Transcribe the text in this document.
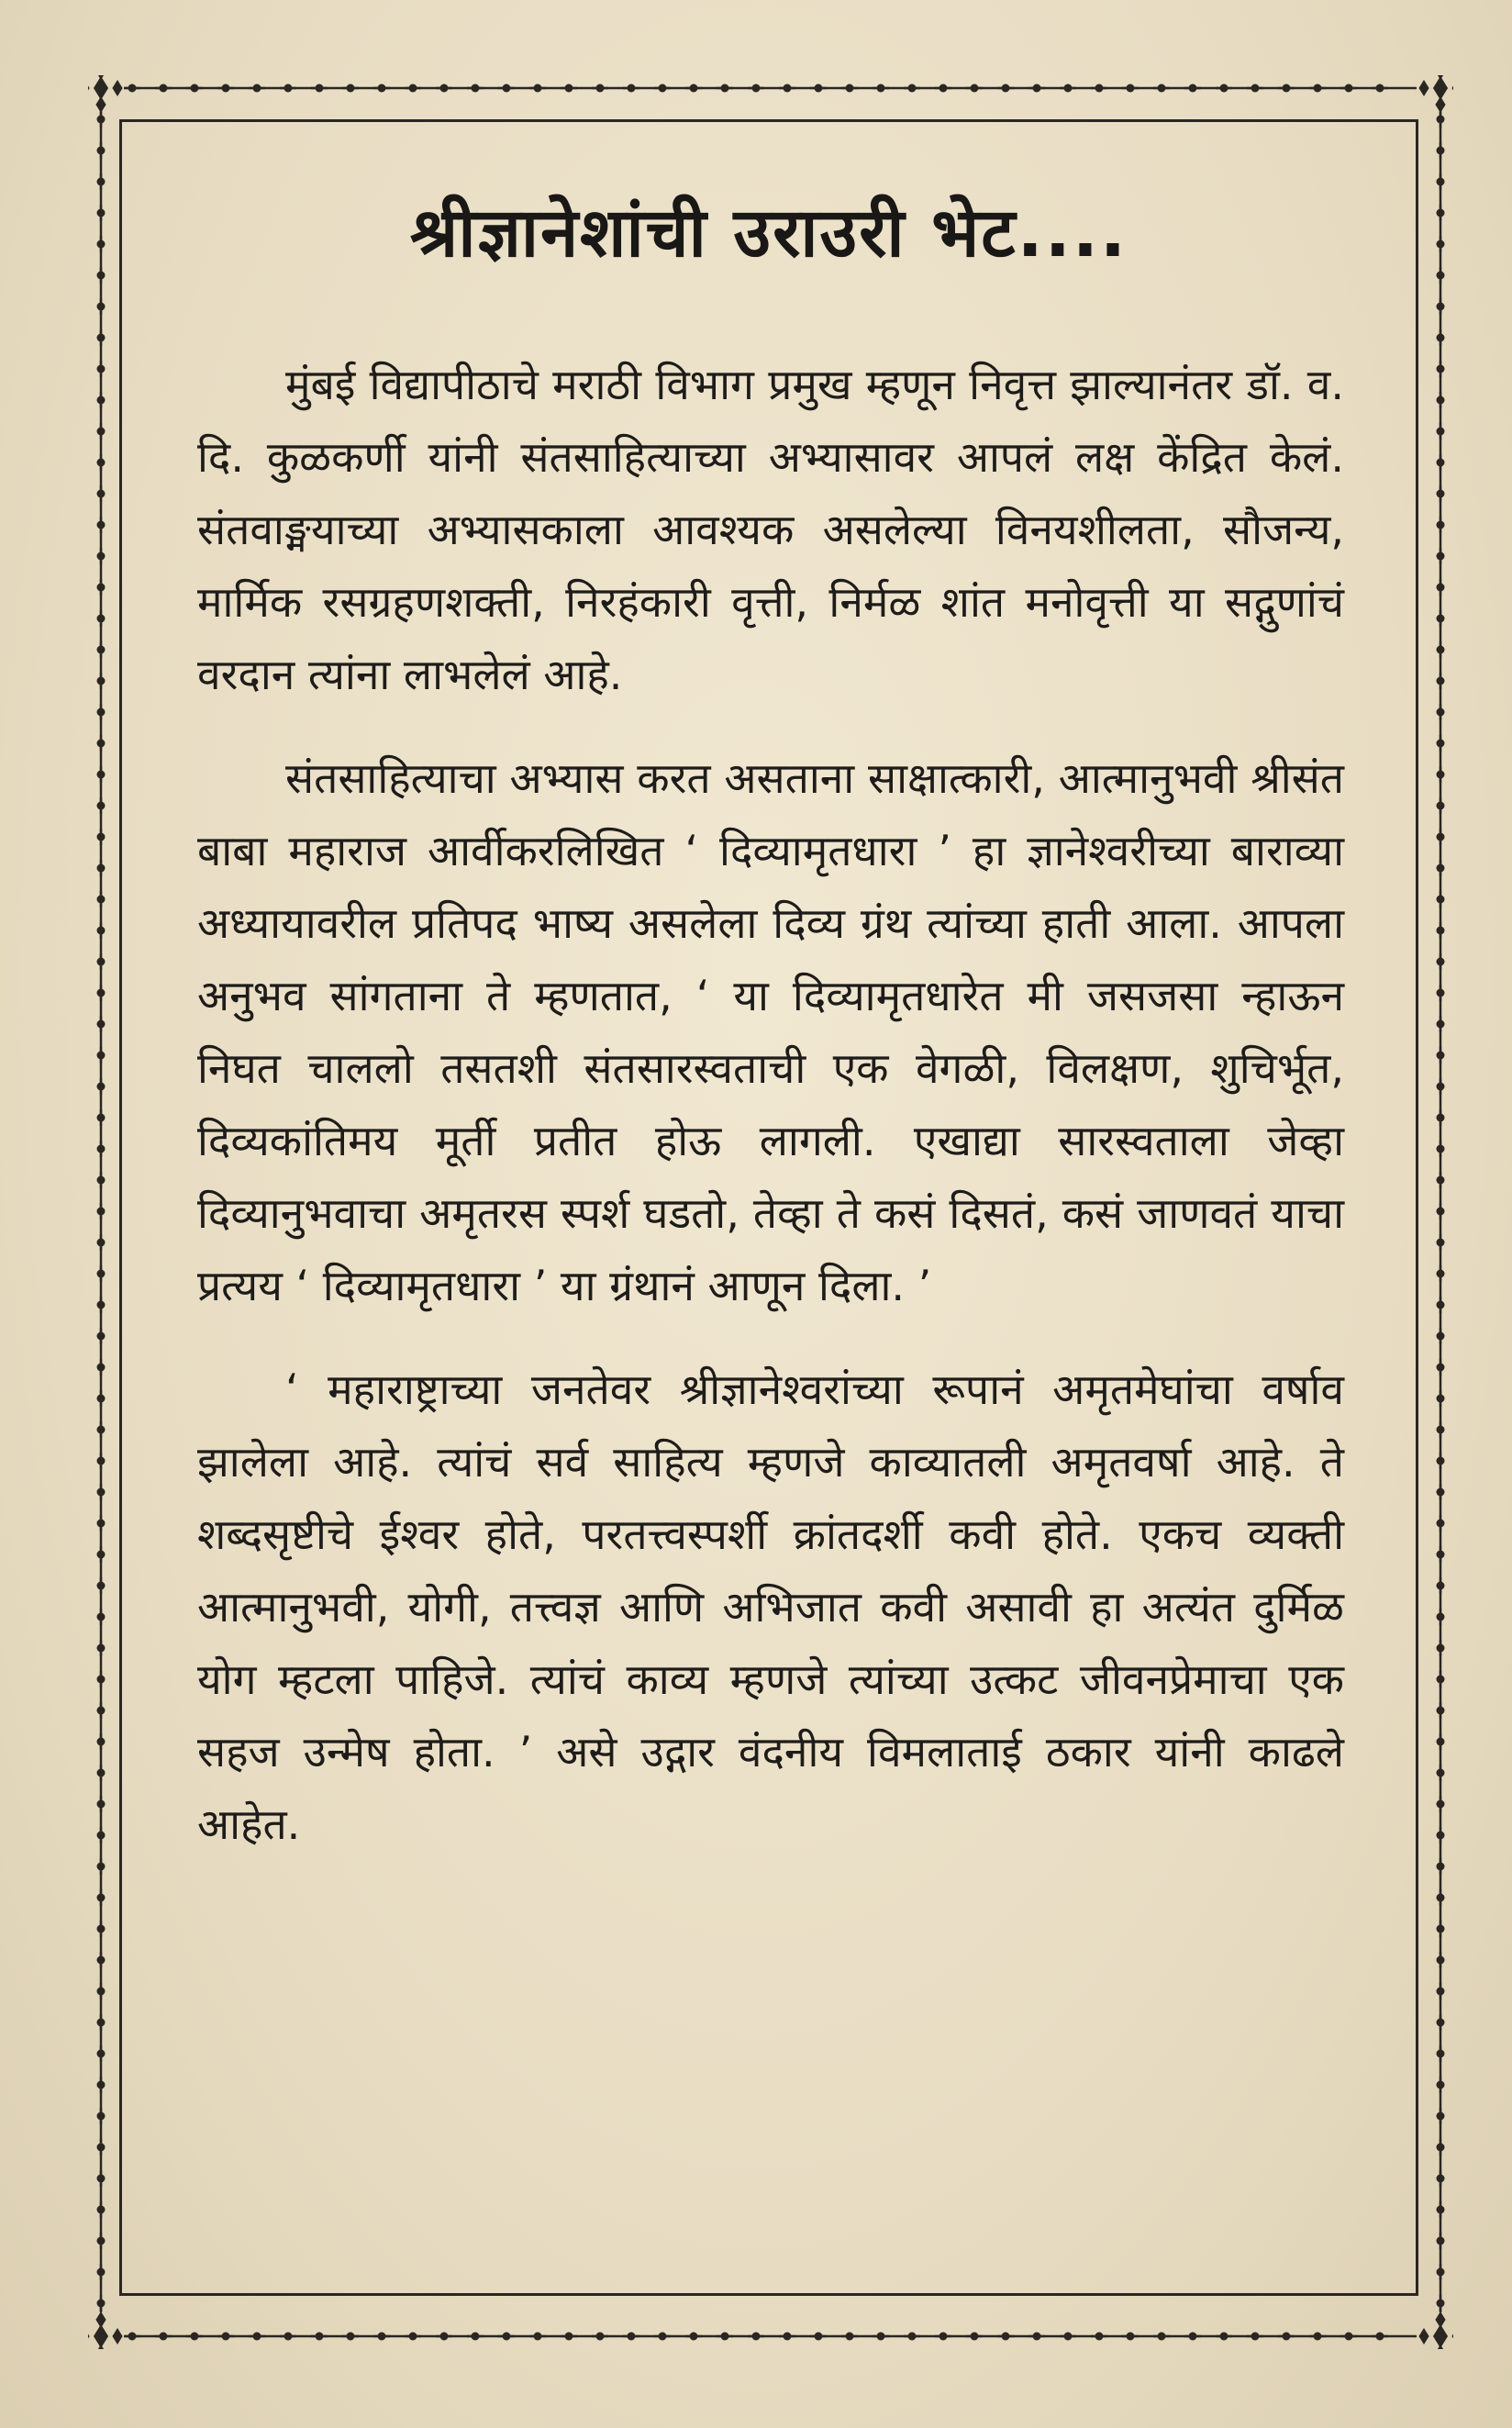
श्रीज्ञानेशांची उराउरी भेट....

मुंबई विद्यापीठाचे मराठी विभाग प्रमुख म्हणून निवृत्त झाल्यानंतर डॉ. व. दि. कुळकर्णी यांनी संतसाहित्याच्या अभ्यासावर आपलं लक्ष केंद्रित केलं. संतवाङ्मयाच्या अभ्यासकाला आवश्यक असलेल्या विनयशीलता, सौजन्य, मार्मिक रसग्रहणशक्ती, निरहंकारी वृत्ती, निर्मळ शांत मनोवृत्ती या सद्गुणांचं वरदान त्यांना लाभलेलं आहे.

संतसाहित्याचा अभ्यास करत असताना साक्षात्कारी, आत्मानुभवी श्रीसंत बाबा महाराज आर्वीकरलिखित ‘ दिव्यामृतधारा ’ हा ज्ञानेश्वरीच्या बाराव्या अध्यायावरील प्रतिपद भाष्य असलेला दिव्य ग्रंथ त्यांच्या हाती आला. आपला अनुभव सांगताना ते म्हणतात, ‘ या दिव्यामृतधारेत मी जसजसा न्हाऊन निघत चाललो तसतशी संतसारस्वताची एक वेगळी, विलक्षण, शुचिर्भूत, दिव्यकांतिमय मूर्ती प्रतीत होऊ लागली. एखाद्या सारस्वताला जेव्हा दिव्यानुभवाचा अमृतरस स्पर्श घडतो, तेव्हा ते कसं दिसतं, कसं जाणवतं याचा प्रत्यय ‘ दिव्यामृतधारा ’ या ग्रंथानं आणून दिला. ’

‘ महाराष्ट्राच्या जनतेवर श्रीज्ञानेश्वरांच्या रूपानं अमृतमेघांचा वर्षाव झालेला आहे. त्यांचं सर्व साहित्य म्हणजे काव्यातली अमृतवर्षा आहे. ते शब्दसृष्टीचे ईश्वर होते, परतत्त्वस्पर्शी क्रांतदर्शी कवी होते. एकच व्यक्ती आत्मानुभवी, योगी, तत्त्वज्ञ आणि अभिजात कवी असावी हा अत्यंत दुर्मिळ योग म्हटला पाहिजे. त्यांचं काव्य म्हणजे त्यांच्या उत्कट जीवनप्रेमाचा एक सहज उन्मेष होता. ’ असे उद्गार वंदनीय विमलाताई ठकार यांनी काढले आहेत.
